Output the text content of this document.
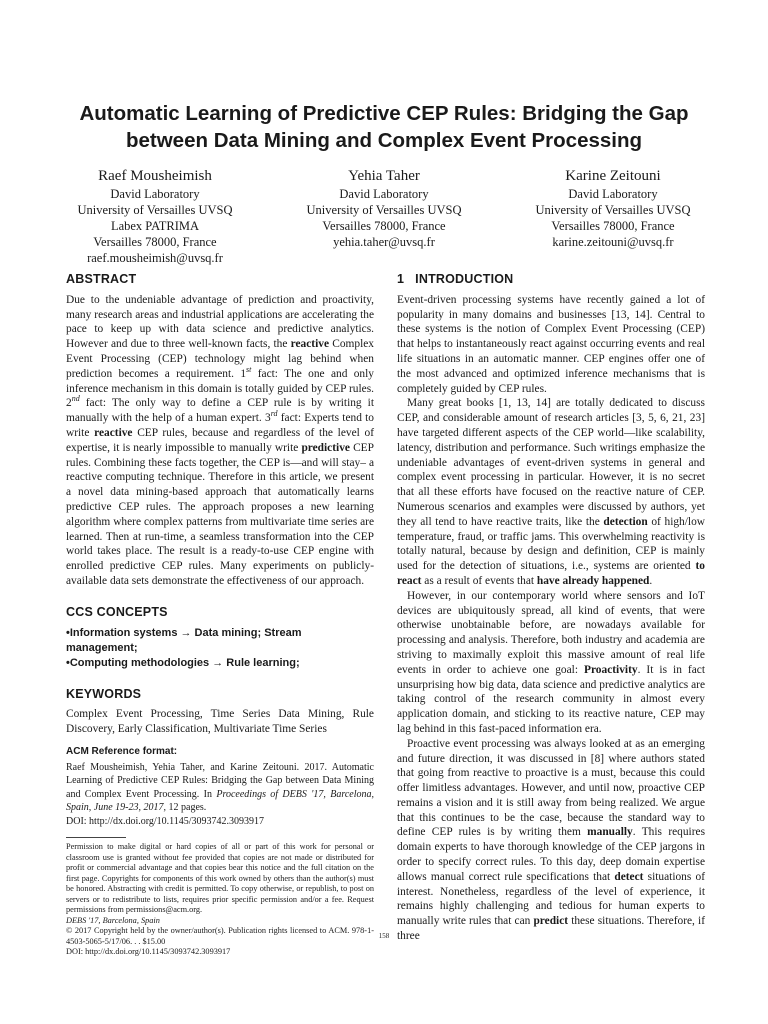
Automatic Learning of Predictive CEP Rules: Bridging the Gap between Data Mining and Complex Event Processing
Raef Mousheimish
David Laboratory
University of Versailles UVSQ
Labex PATRIMA
Versailles 78000, France
raef.mousheimish@uvsq.fr
Yehia Taher
David Laboratory
University of Versailles UVSQ
Versailles 78000, France
yehia.taher@uvsq.fr
Karine Zeitouni
David Laboratory
University of Versailles UVSQ
Versailles 78000, France
karine.zeitouni@uvsq.fr
ABSTRACT

Due to the undeniable advantage of prediction and proactivity, many research areas and industrial applications are accelerating the pace to keep up with data science and predictive analytics. However and due to three well-known facts, the reactive Complex Event Processing (CEP) technology might lag behind when prediction becomes a requirement. 1st fact: The one and only inference mechanism in this domain is totally guided by CEP rules. 2nd fact: The only way to define a CEP rule is by writing it manually with the help of a human expert. 3rd fact: Experts tend to write reactive CEP rules, because and regardless of the level of expertise, it is nearly impossible to manually write predictive CEP rules. Combining these facts together, the CEP is—and will stay– a reactive computing technique. Therefore in this article, we present a novel data mining-based approach that automatically learns predictive CEP rules. The approach proposes a new learning algorithm where complex patterns from multivariate time series are learned. Then at run-time, a seamless transformation into the CEP world takes place. The result is a ready-to-use CEP engine with enrolled predictive CEP rules. Many experiments on publicly-available data sets demonstrate the effectiveness of our approach.

CCS CONCEPTS

•Information systems → Data mining; Stream management;

•Computing methodologies → Rule learning;

KEYWORDS

Complex Event Processing, Time Series Data Mining, Rule Discovery, Early Classification, Multivariate Time Series

ACM Reference format:
Raef Mousheimish, Yehia Taher, and Karine Zeitouni. 2017. Automatic Learning of Predictive CEP Rules: Bridging the Gap between Data Mining and Complex Event Processing. In Proceedings of DEBS '17, Barcelona, Spain, June 19-23, 2017, 12 pages.
DOI: http://dx.doi.org/10.1145/3093742.3093917
Permission to make digital or hard copies of all or part of this work for personal or classroom use is granted without fee provided that copies are not made or distributed for profit or commercial advantage and that copies bear this notice and the full citation on the first page. Copyrights for components of this work owned by others than the author(s) must be honored. Abstracting with credit is permitted. To copy otherwise, or republish, to post on servers or to redistribute to lists, requires prior specific permission and/or a fee. Request permissions from permissions@acm.org.
DEBS '17, Barcelona, Spain
© 2017 Copyright held by the owner/author(s). Publication rights licensed to ACM. 978-1-4503-5065-5/17/06. . . $15.00
DOI: http://dx.doi.org/10.1145/3093742.3093917
1   INTRODUCTION

Event-driven processing systems have recently gained a lot of popularity in many domains and businesses [13, 14]. Central to these systems is the notion of Complex Event Processing (CEP) that helps to instantaneously react against occurring events and real life situations in an automatic manner. CEP engines offer one of the most advanced and optimized inference mechanisms that is completely guided by CEP rules.

Many great books [1, 13, 14] are totally dedicated to discuss CEP, and considerable amount of research articles [3, 5, 6, 21, 23] have targeted different aspects of the CEP world—like scalability, latency, distribution and performance. Such writings emphasize the undeniable advantages of event-driven systems in general and complex event processing in particular. However, it is no secret that all these efforts have focused on the reactive nature of CEP. Numerous scenarios and examples were discussed by authors, yet they all tend to have reactive traits, like the detection of high/low temperature, fraud, or traffic jams. This overwhelming reactivity is totally natural, because by design and definition, CEP is mainly used for the detection of situations, i.e., systems are oriented to react as a result of events that have already happened.

However, in our contemporary world where sensors and IoT devices are ubiquitously spread, all kind of events, that were otherwise unobtainable before, are nowadays available for processing and analysis. Therefore, both industry and academia are striving to maximally exploit this massive amount of real life events in order to achieve one goal: Proactivity. It is in fact unsurprising how big data, data science and predictive analytics are taking control of the research community in almost every application domain, and sticking to its reactive nature, CEP may lag behind in this fast-paced information era.

Proactive event processing was always looked at as an emerging and future direction, it was discussed in [8] where authors stated that going from reactive to proactive is a must, because this could offer limitless advantages. However, and until now, proactive CEP remains a vision and it is still away from being realized. We argue that this continues to be the case, because the standard way to define CEP rules is by writing them manually. This requires domain experts to have thorough knowledge of the CEP jargons in order to specify correct rules. To this day, deep domain expertise allows manual correct rule specifications that detect situations of interest. Nonetheless, regardless of the level of experience, it remains highly challenging and tedious for human experts to manually write rules that can predict these situations. Therefore, if three

158
